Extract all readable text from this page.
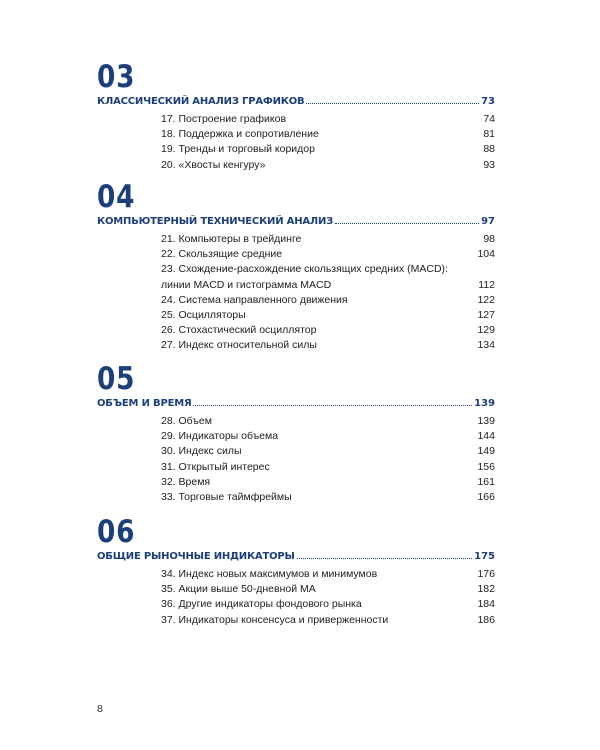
03
КЛАССИЧЕСКИЙ АНАЛИЗ ГРАФИКОВ	73
17. Построение графиков	74
18. Поддержка и сопротивление	81
19. Тренды и торговый коридор	88
20. «Хвосты кенгуру»	93
04
КОМПЬЮТЕРНЫЙ ТЕХНИЧЕСКИЙ АНАЛИЗ	97
21. Компьютеры в трейдинге	98
22. Скользящие средние	104
23. Схождение-расхождение скользящих средних (MACD):
линии MACD и гистограмма MACD	112
24. Система направленного движения	122
25. Осцилляторы	127
26. Стохастический осциллятор	129
27. Индекс относительной силы	134
05
ОБЪЕМ И ВРЕМЯ	139
28. Объем	139
29. Индикаторы объема	144
30. Индекс силы	149
31. Открытый интерес	156
32. Время	161
33. Торговые таймфреймы	166
06
ОБЩИЕ РЫНОЧНЫЕ ИНДИКАТОРЫ	175
34. Индекс новых максимумов и минимумов	176
35. Акции выше 50-дневной МА	182
36. Другие индикаторы фондового рынка	184
37. Индикаторы консенсуса и приверженности	186
8
